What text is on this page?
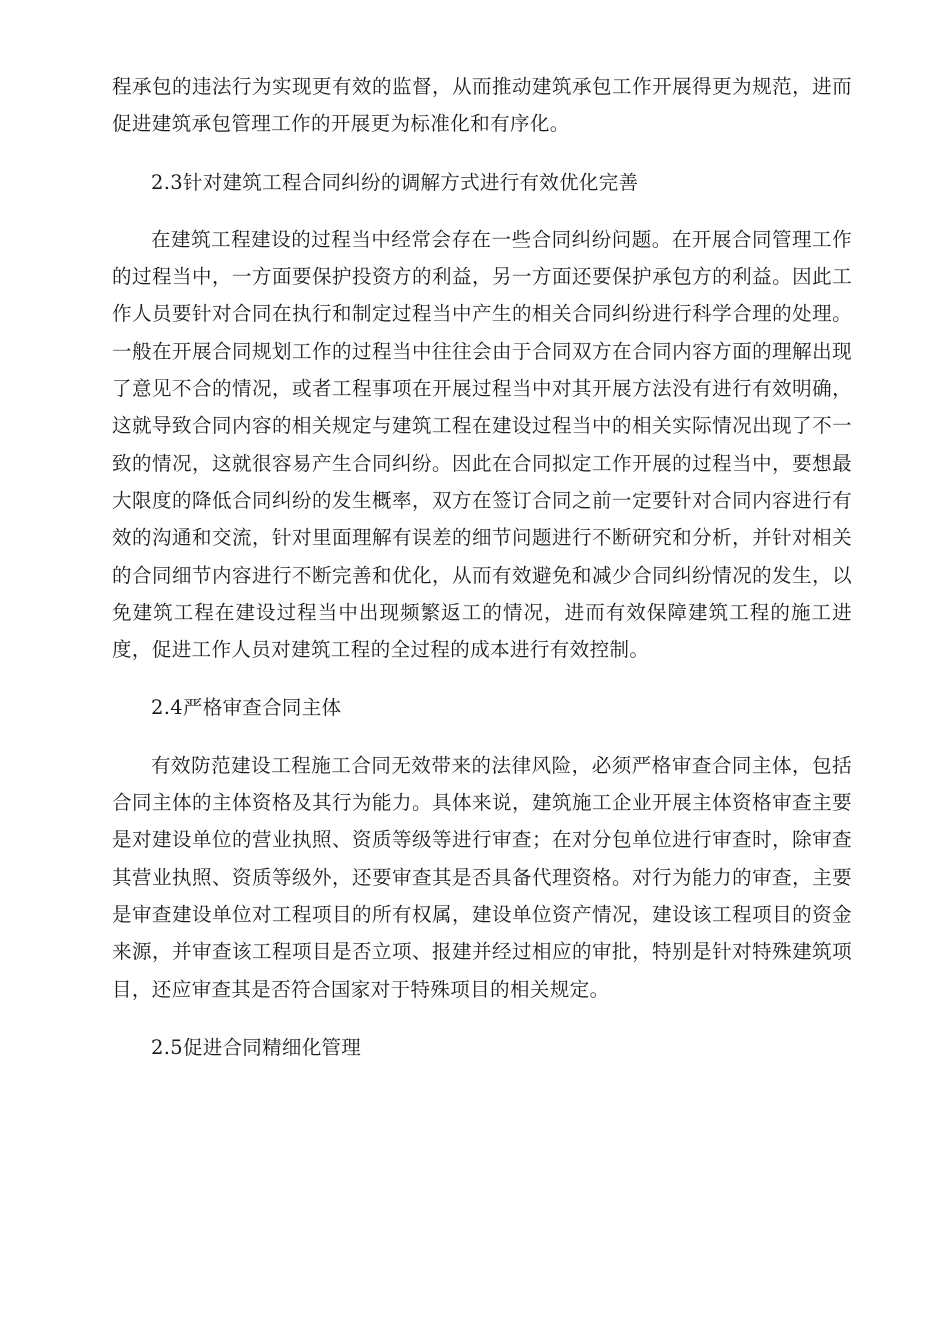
程承包的违法行为实现更有效的监督，从而推动建筑承包工作开展得更为规范，进而促进建筑承包管理工作的开展更为标准化和有序化。

2.3针对建筑工程合同纠纷的调解方式进行有效优化完善

在建筑工程建设的过程当中经常会存在一些合同纠纷问题。在开展合同管理工作的过程当中，一方面要保护投资方的利益，另一方面还要保护承包方的利益。因此工作人员要针对合同在执行和制定过程当中产生的相关合同纠纷进行科学合理的处理。一般在开展合同规划工作的过程当中往往会由于合同双方在合同内容方面的理解出现了意见不合的情况，或者工程事项在开展过程当中对其开展方法没有进行有效明确，这就导致合同内容的相关规定与建筑工程在建设过程当中的相关实际情况出现了不一致的情况，这就很容易产生合同纠纷。因此在合同拟定工作开展的过程当中，要想最大限度的降低合同纠纷的发生概率，双方在签订合同之前一定要针对合同内容进行有效的沟通和交流，针对里面理解有误差的细节问题进行不断研究和分析，并针对相关的合同细节内容进行不断完善和优化，从而有效避免和减少合同纠纷情况的发生，以免建筑工程在建设过程当中出现频繁返工的情况，进而有效保障建筑工程的施工进度，促进工作人员对建筑工程的全过程的成本进行有效控制。

2.4严格审查合同主体

有效防范建设工程施工合同无效带来的法律风险，必须严格审查合同主体，包括合同主体的主体资格及其行为能力。具体来说，建筑施工企业开展主体资格审查主要是对建设单位的营业执照、资质等级等进行审查；在对分包单位进行审查时，除审查其营业执照、资质等级外，还要审查其是否具备代理资格。对行为能力的审查，主要是审查建设单位对工程项目的所有权属，建设单位资产情况，建设该工程项目的资金来源，并审查该工程项目是否立项、报建并经过相应的审批，特别是针对特殊建筑项目，还应审查其是否符合国家对于特殊项目的相关规定。

2.5促进合同精细化管理
